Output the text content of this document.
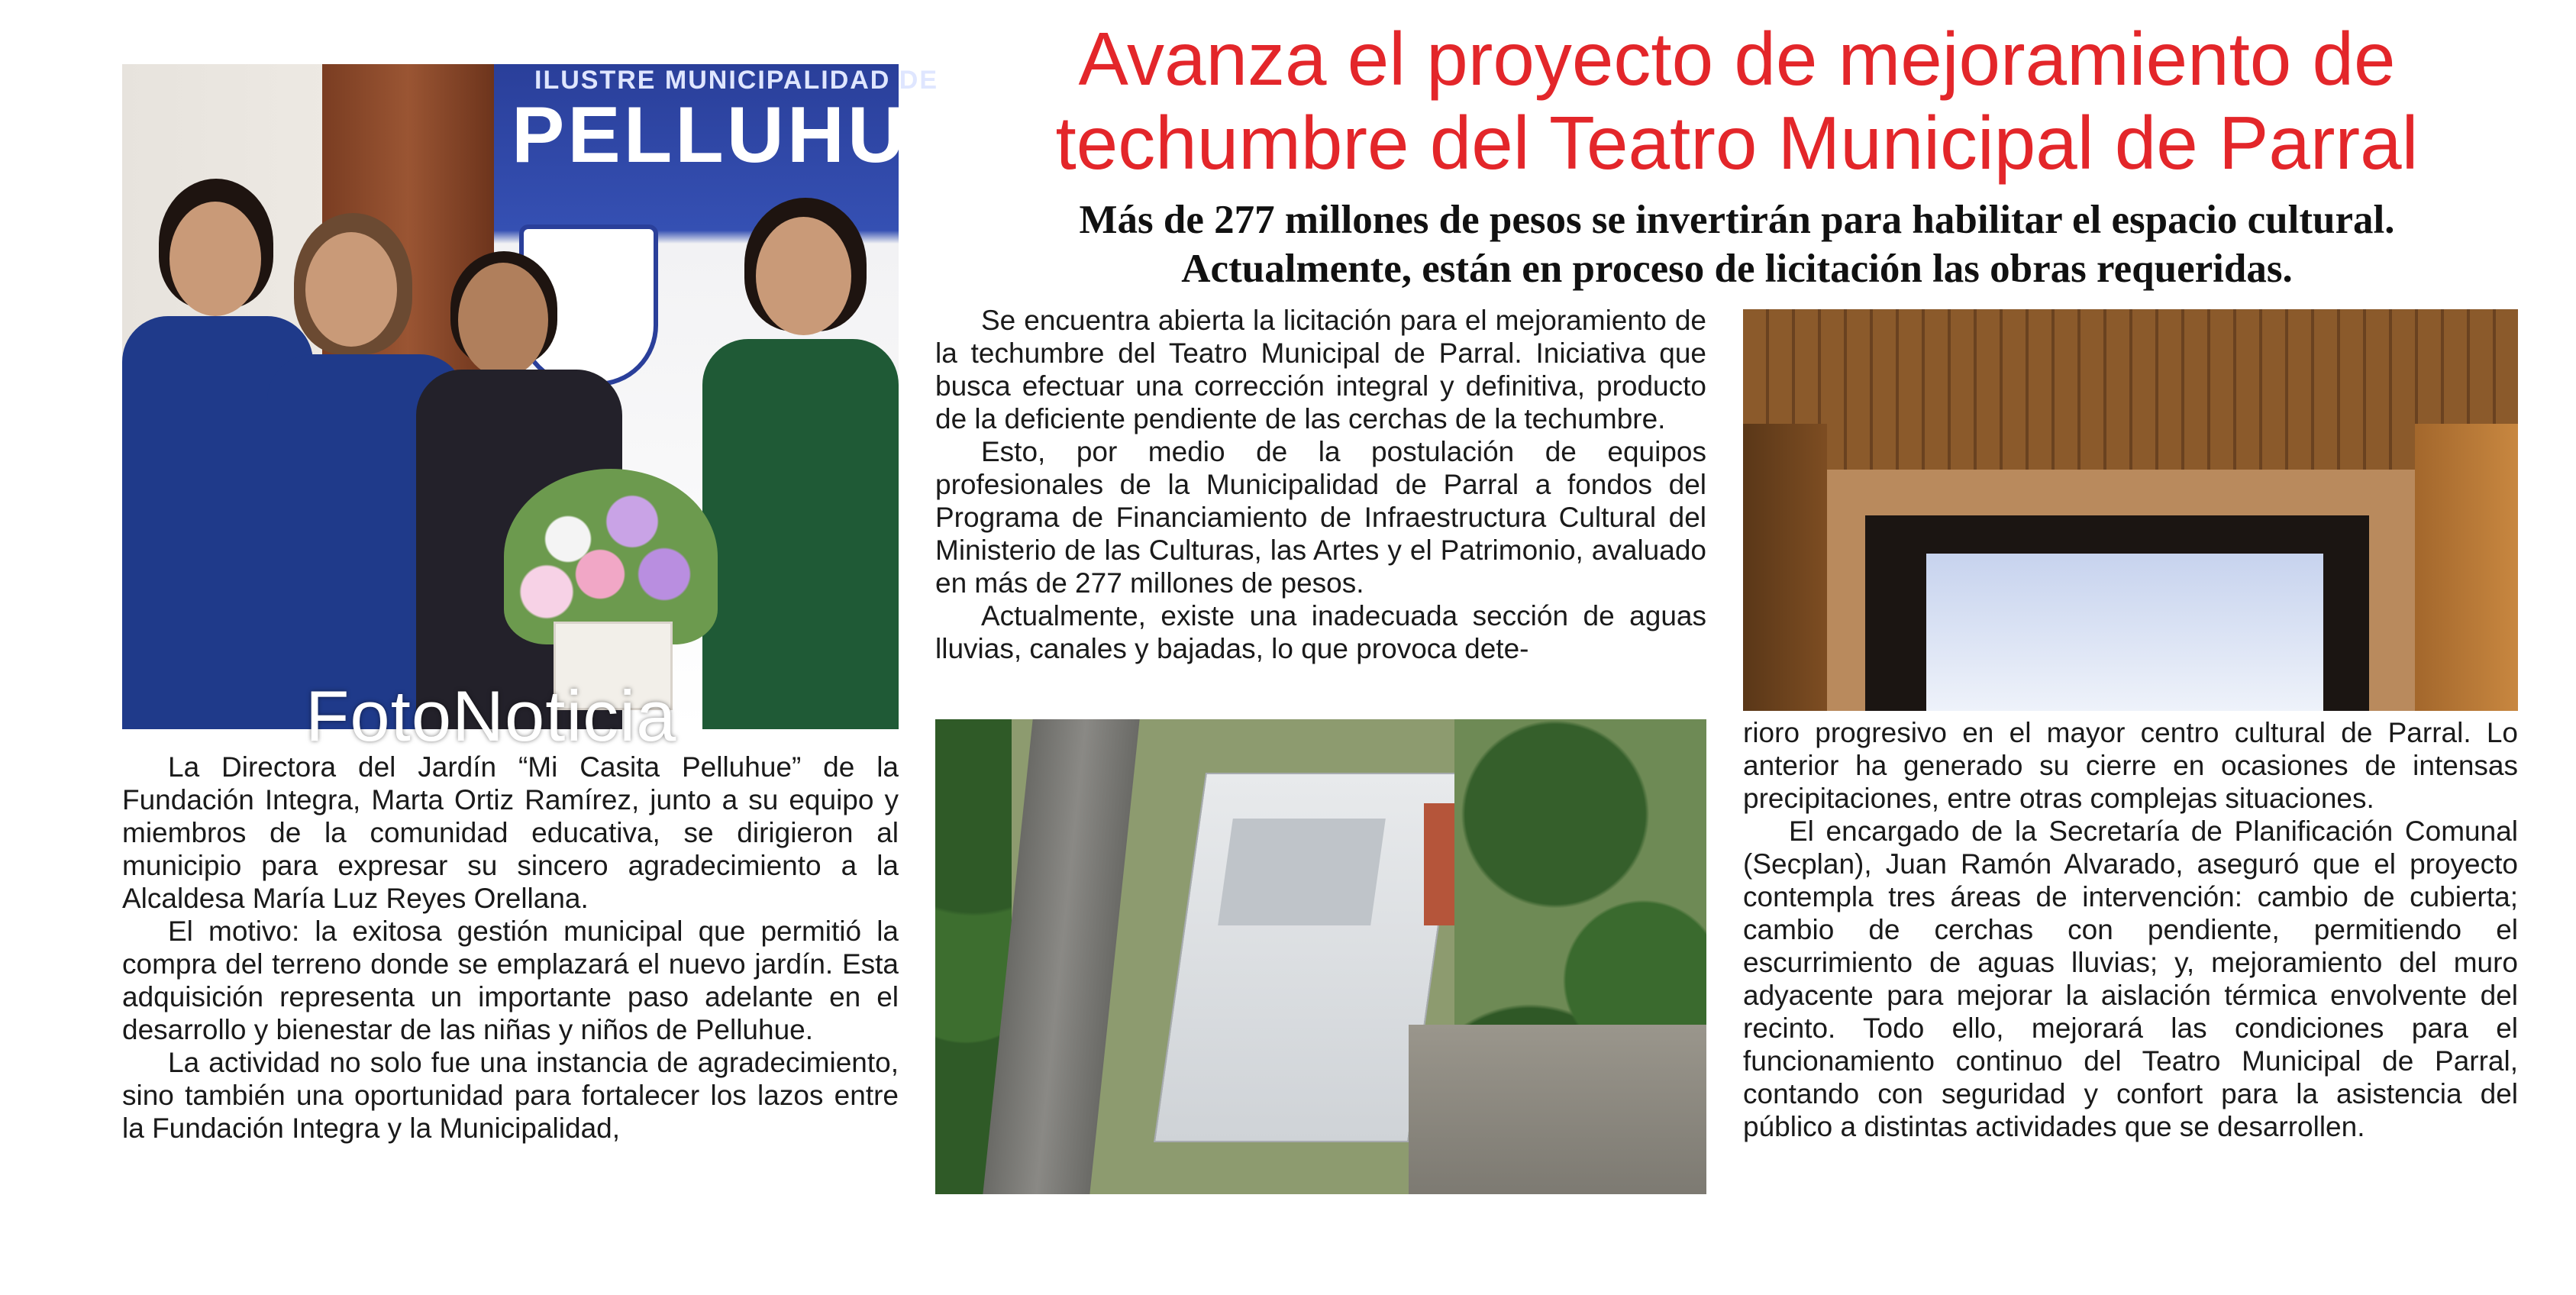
ILUSTRE MUNICIPALIDAD DE
PELLUHUE
FotoNoticia

La Directora del Jardín “Mi Casita Pelluhue” de la Fundación Integra, Marta Ortiz Ramírez, junto a su equipo y miembros de la comunidad educativa, se dirigieron al municipio para expresar su sincero agradecimiento a la Alcaldesa María Luz Reyes Orellana.

El motivo: la exitosa gestión municipal que permitió la compra del terreno donde se emplazará el nuevo jardín. Esta adquisición representa un importante paso adelante en el desarrollo y bienestar de las niñas y niños de Pelluhue.

La actividad no solo fue una instancia de agradecimiento, sino también una oportunidad para fortalecer los lazos entre la Fundación Integra y la Municipalidad,

Avanza el proyecto de mejoramiento de techumbre del Teatro Municipal de Parral
Más de 277 millones de pesos se invertirán para habilitar el espacio cultural.
Actualmente, están en proceso de licitación las obras requeridas.

Se encuentra abierta la licitación para el mejoramiento de la techumbre del Teatro Municipal de Parral. Iniciativa que busca efectuar una corrección integral y definitiva, producto de la deficiente pendiente de las cerchas de la techumbre.

Esto, por medio de la postulación de equipos profesionales de la Municipalidad de Parral a fondos del Programa de Financiamiento de Infraestructura Cultural del Ministerio de las Culturas, las Artes y el Patrimonio, avaluado en más de 277 millones de pesos.

Actualmente, existe una inadecuada sección de aguas lluvias, canales y bajadas, lo que provoca dete-

rioro progresivo en el mayor centro cultural de Parral. Lo anterior ha generado su cierre en ocasiones de intensas precipitaciones, entre otras complejas situaciones.

El encargado de la Secretaría de Planificación Comunal (Secplan), Juan Ramón Alvarado, aseguró que el proyecto contempla tres áreas de intervención: cambio de cubierta; cambio de cerchas con pendiente, permitiendo el escurrimiento de aguas lluvias; y, mejoramiento del muro adyacente para mejorar la aislación térmica envolvente del recinto. Todo ello, mejorará las condiciones para el funcionamiento continuo del Teatro Municipal de Parral, contando con seguridad y confort para la asistencia del público a distintas actividades que se desarrollen.
